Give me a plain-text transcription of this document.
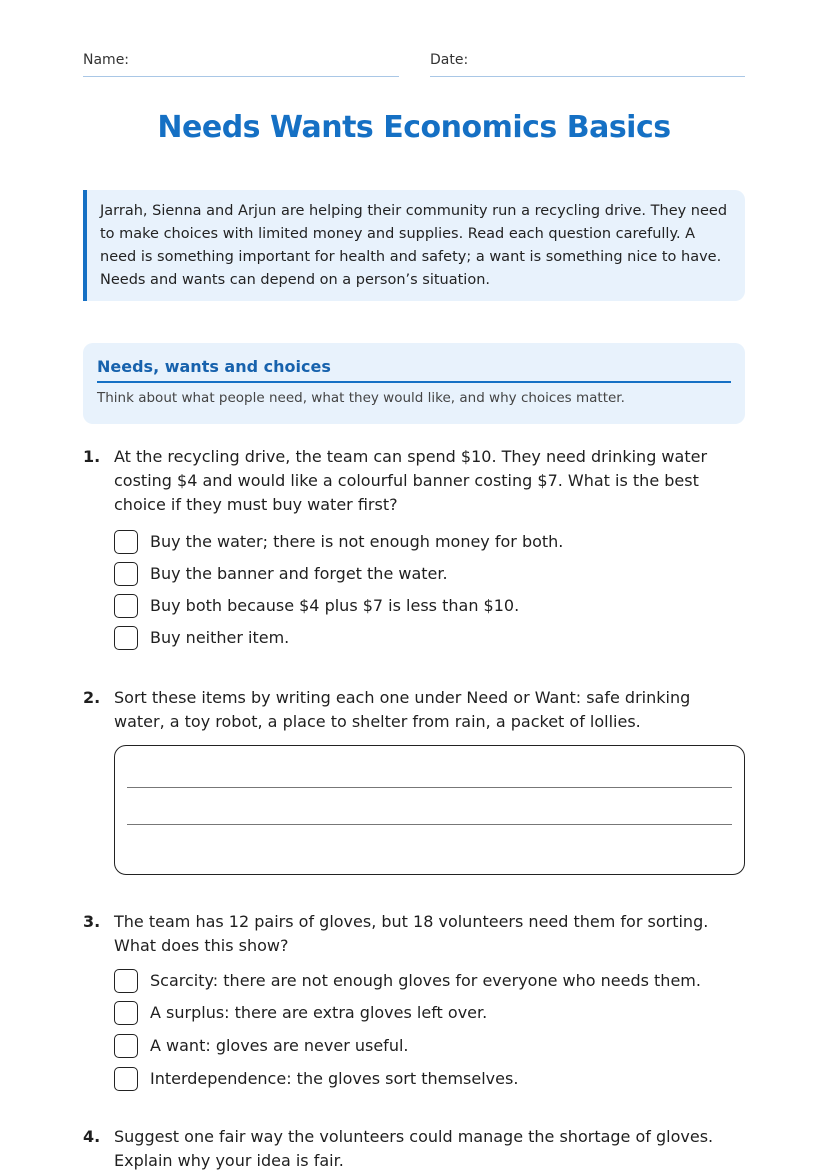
Name:	Date:
Needs Wants Economics Basics
Jarrah, Sienna and Arjun are helping their community run a recycling drive. They need to make choices with limited money and supplies. Read each question carefully. A need is something important for health and safety; a want is something nice to have. Needs and wants can depend on a person’s situation.
Needs, wants and choices
Think about what people need, what they would like, and why choices matter.
1. At the recycling drive, the team can spend $10. They need drinking water costing $4 and would like a colourful banner costing $7. What is the best choice if they must buy water first?
Buy the water; there is not enough money for both.
Buy the banner and forget the water.
Buy both because $4 plus $7 is less than $10.
Buy neither item.
2. Sort these items by writing each one under Need or Want: safe drinking water, a toy robot, a place to shelter from rain, a packet of lollies.
3. The team has 12 pairs of gloves, but 18 volunteers need them for sorting. What does this show?
Scarcity: there are not enough gloves for everyone who needs them.
A surplus: there are extra gloves left over.
A want: gloves are never useful.
Interdependence: the gloves sort themselves.
4. Suggest one fair way the volunteers could manage the shortage of gloves. Explain why your idea is fair.
